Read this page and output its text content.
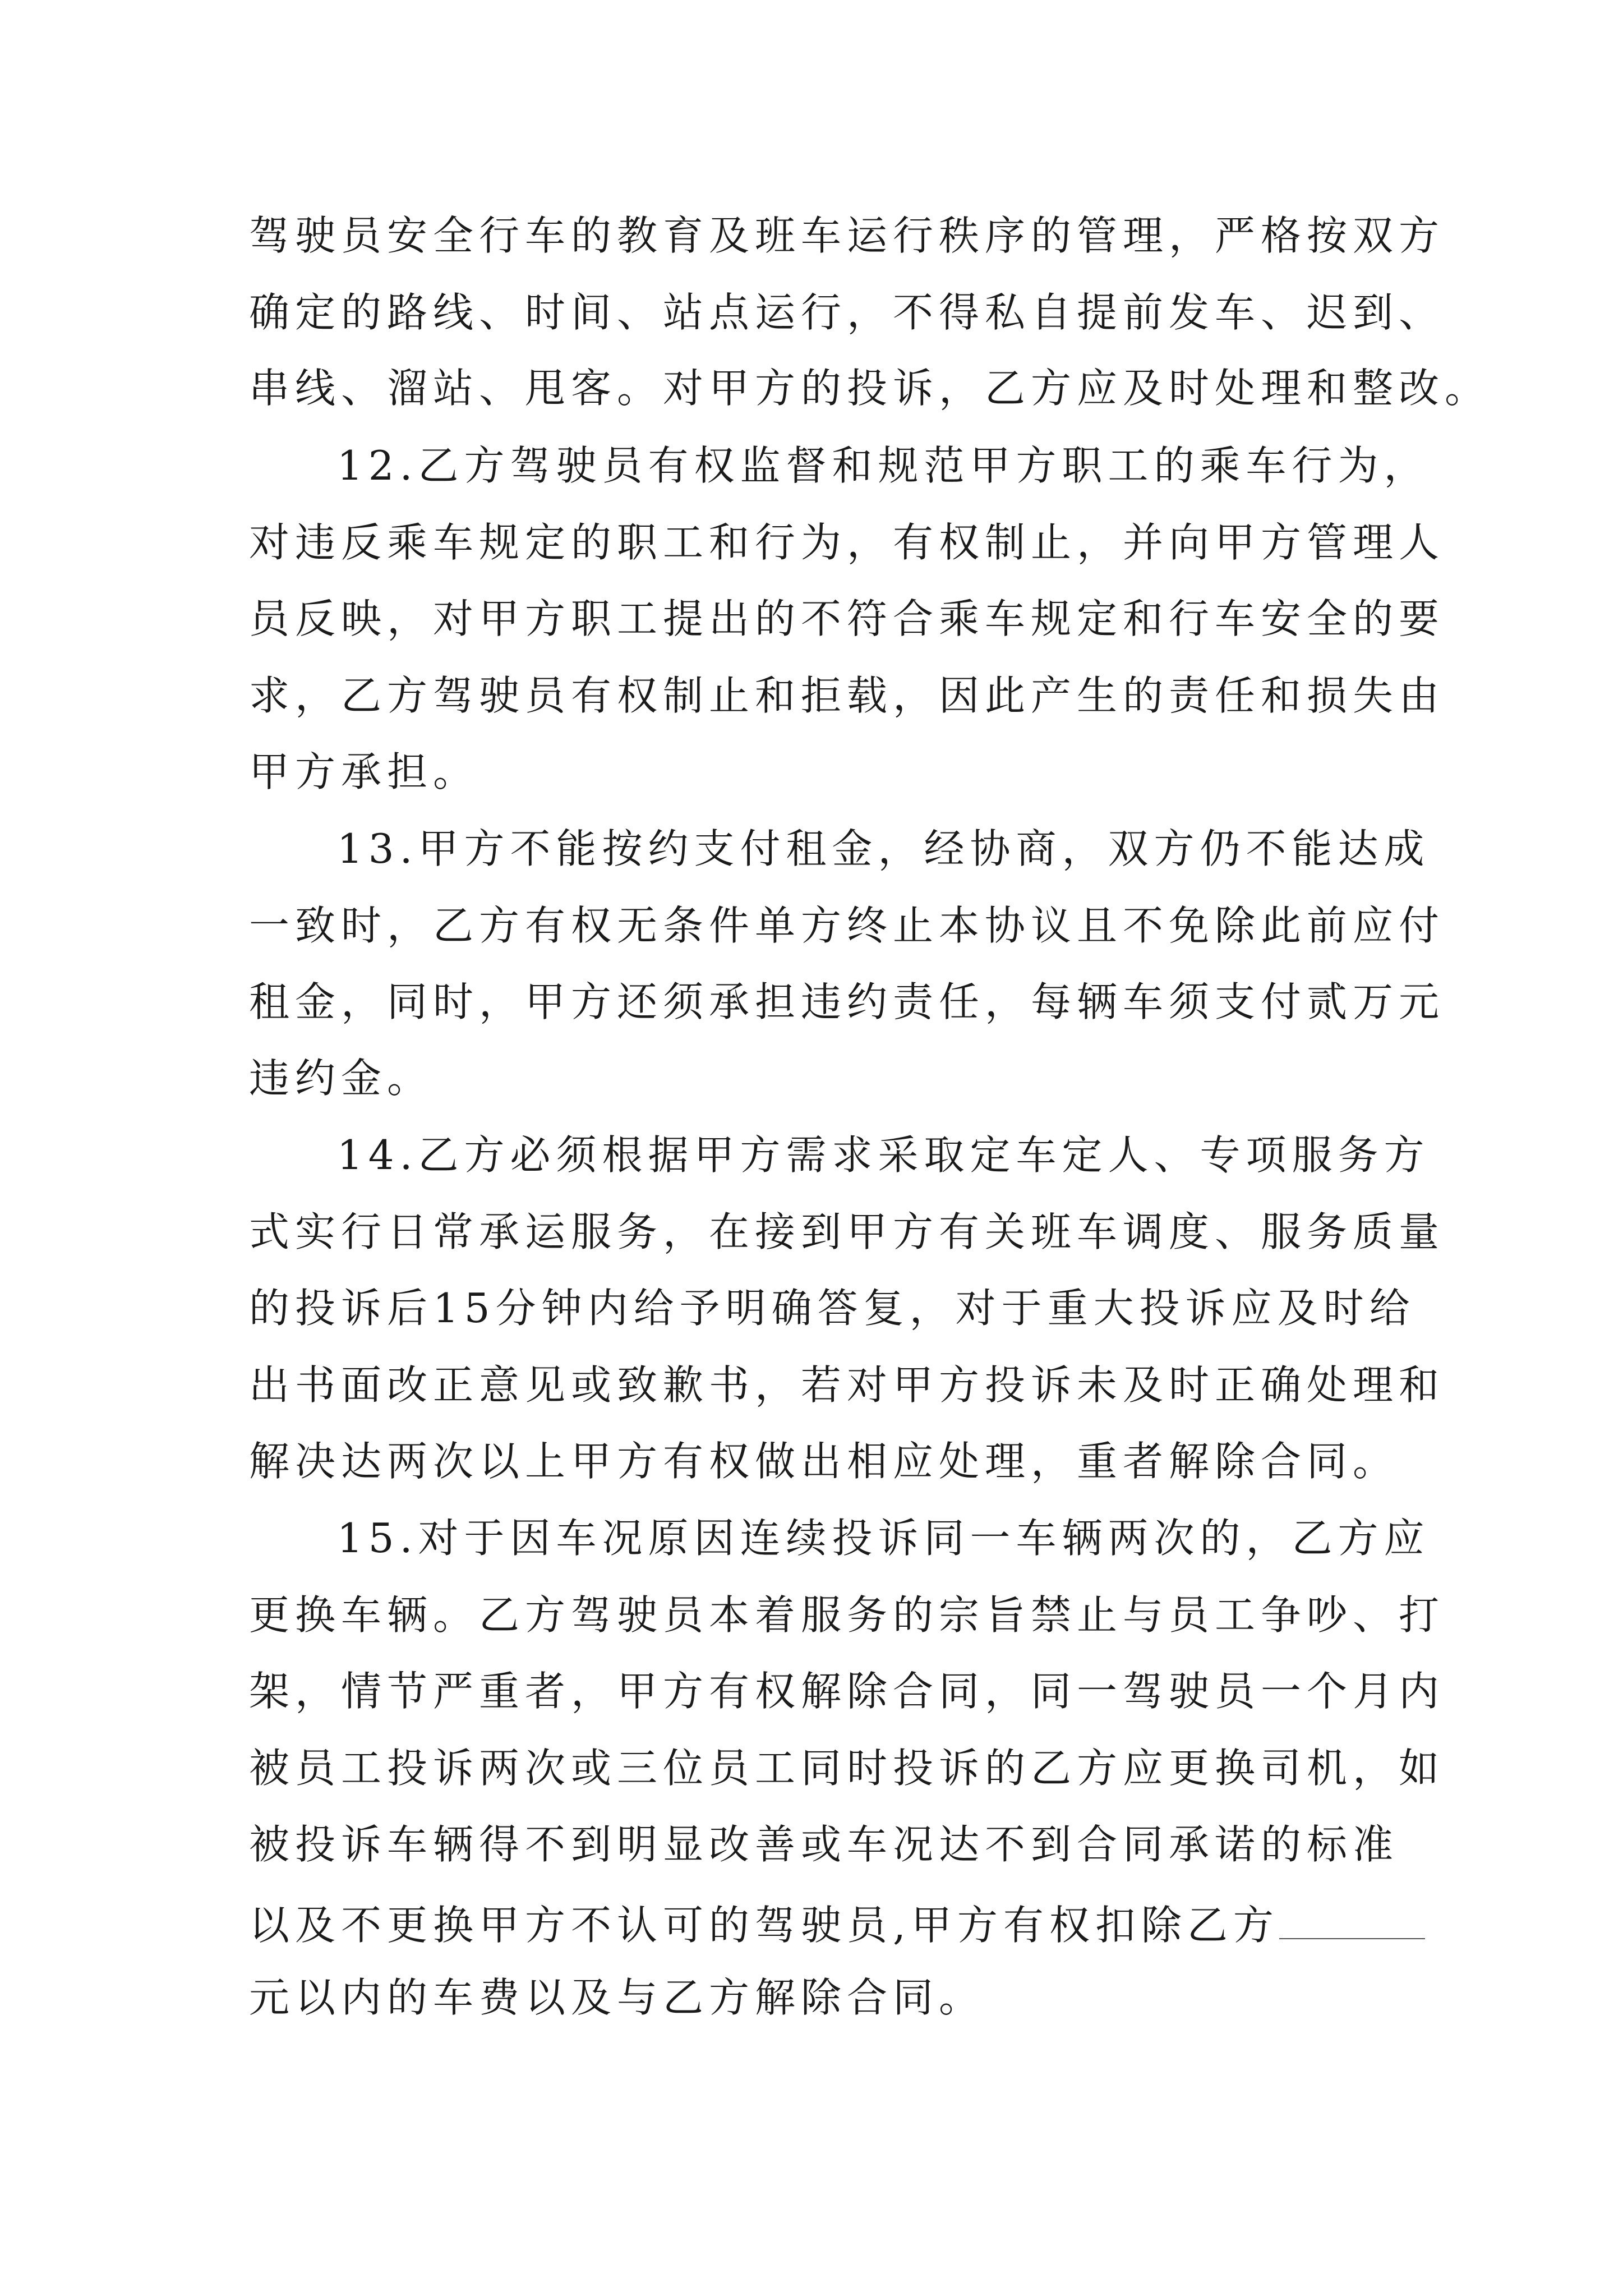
驾驶员安全行车的教育及班车运行秩序的管理，严格按双方
确定的路线、时间、站点运行，不得私自提前发车、迟到、
串线、溜站、甩客。对甲方的投诉，乙方应及时处理和整改。
12.乙方驾驶员有权监督和规范甲方职工的乘车行为，
对违反乘车规定的职工和行为，有权制止，并向甲方管理人
员反映，对甲方职工提出的不符合乘车规定和行车安全的要
求，乙方驾驶员有权制止和拒载，因此产生的责任和损失由
甲方承担。
13.甲方不能按约支付租金，经协商，双方仍不能达成
一致时，乙方有权无条件单方终止本协议且不免除此前应付
租金，同时，甲方还须承担违约责任，每辆车须支付贰万元
违约金。
14.乙方必须根据甲方需求采取定车定人、专项服务方
式实行日常承运服务，在接到甲方有关班车调度、服务质量
的投诉后15分钟内给予明确答复，对于重大投诉应及时给
出书面改正意见或致歉书，若对甲方投诉未及时正确处理和
解决达两次以上甲方有权做出相应处理，重者解除合同。
15.对于因车况原因连续投诉同一车辆两次的，乙方应
更换车辆。乙方驾驶员本着服务的宗旨禁止与员工争吵、打
架，情节严重者，甲方有权解除合同，同一驾驶员一个月内
被员工投诉两次或三位员工同时投诉的乙方应更换司机，如
被投诉车辆得不到明显改善或车况达不到合同承诺的标准
以及不更换甲方不认可的驾驶员,甲方有权扣除乙方
元以内的车费以及与乙方解除合同。
